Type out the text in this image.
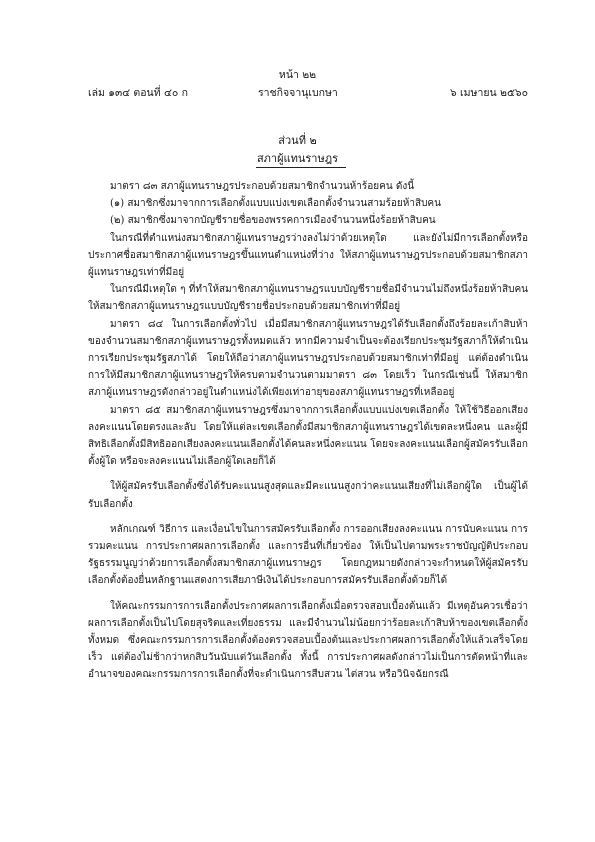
หน้า ๒๒
เล่ม ๑๓๔ ตอนที่ ๔๐ ก	ราชกิจจานุเบกษา	๖ เมษายน ๒๕๖๐
ส่วนที่ ๒
สภาผู้แทนราษฎร

มาตรา ๘๓ สภาผู้แทนราษฎรประกอบด้วยสมาชิกจำนวนห้าร้อยคน ดังนี้

(๑) สมาชิกซึ่งมาจากการเลือกตั้งแบบแบ่งเขตเลือกตั้งจำนวนสามร้อยห้าสิบคน

(๒) สมาชิกซึ่งมาจากบัญชีรายชื่อของพรรคการเมืองจำนวนหนึ่งร้อยห้าสิบคน

ในกรณีที่ตำแหน่งสมาชิกสภาผู้แทนราษฎรว่างลงไม่ว่าด้วยเหตุใด และยังไม่มีการเลือกตั้งหรือประกาศชื่อสมาชิกสภาผู้แทนราษฎรขึ้นแทนตำแหน่งที่ว่าง ให้สภาผู้แทนราษฎรประกอบด้วยสมาชิกสภาผู้แทนราษฎรเท่าที่มีอยู่

ในกรณีมีเหตุใด ๆ ที่ทำให้สมาชิกสภาผู้แทนราษฎรแบบบัญชีรายชื่อมีจำนวนไม่ถึงหนึ่งร้อยห้าสิบคน ให้สมาชิกสภาผู้แทนราษฎรแบบบัญชีรายชื่อประกอบด้วยสมาชิกเท่าที่มีอยู่

มาตรา ๘๔ ในการเลือกตั้งทั่วไป เมื่อมีสมาชิกสภาผู้แทนราษฎรได้รับเลือกตั้งถึงร้อยละเก้าสิบห้าของจำนวนสมาชิกสภาผู้แทนราษฎรทั้งหมดแล้ว หากมีความจำเป็นจะต้องเรียกประชุมรัฐสภาก็ให้ดำเนินการเรียกประชุมรัฐสภาได้ โดยให้ถือว่าสภาผู้แทนราษฎรประกอบด้วยสมาชิกเท่าที่มีอยู่ แต่ต้องดำเนินการให้มีสมาชิกสภาผู้แทนราษฎรให้ครบตามจำนวนตามมาตรา ๘๓ โดยเร็ว ในกรณีเช่นนี้ ให้สมาชิกสภาผู้แทนราษฎรดังกล่าวอยู่ในตำแหน่งได้เพียงเท่าอายุของสภาผู้แทนราษฎรที่เหลืออยู่

มาตรา ๘๕ สมาชิกสภาผู้แทนราษฎรซึ่งมาจากการเลือกตั้งแบบแบ่งเขตเลือกตั้ง ให้ใช้วิธีออกเสียงลงคะแนนโดยตรงและลับ โดยให้แต่ละเขตเลือกตั้งมีสมาชิกสภาผู้แทนราษฎรได้เขตละหนึ่งคน และผู้มีสิทธิเลือกตั้งมีสิทธิออกเสียงลงคะแนนเลือกตั้งได้คนละหนึ่งคะแนน โดยจะลงคะแนนเลือกผู้สมัครรับเลือกตั้งผู้ใด หรือจะลงคะแนนไม่เลือกผู้ใดเลยก็ได้

ให้ผู้สมัครรับเลือกตั้งซึ่งได้รับคะแนนสูงสุดและมีคะแนนสูงกว่าคะแนนเสียงที่ไม่เลือกผู้ใด เป็นผู้ได้รับเลือกตั้ง

หลักเกณฑ์ วิธีการ และเงื่อนไขในการสมัครรับเลือกตั้ง การออกเสียงลงคะแนน การนับคะแนน การรวมคะแนน การประกาศผลการเลือกตั้ง และการอื่นที่เกี่ยวข้อง ให้เป็นไปตามพระราชบัญญัติประกอบรัฐธรรมนูญว่าด้วยการเลือกตั้งสมาชิกสภาผู้แทนราษฎร โดยกฎหมายดังกล่าวจะกำหนดให้ผู้สมัครรับเลือกตั้งต้องยื่นหลักฐานแสดงการเสียภาษีเงินได้ประกอบการสมัครรับเลือกตั้งด้วยก็ได้

ให้คณะกรรมการการเลือกตั้งประกาศผลการเลือกตั้งเมื่อตรวจสอบเบื้องต้นแล้ว มีเหตุอันควรเชื่อว่าผลการเลือกตั้งเป็นไปโดยสุจริตและเที่ยงธรรม และมีจำนวนไม่น้อยกว่าร้อยละเก้าสิบห้าของเขตเลือกตั้งทั้งหมด ซึ่งคณะกรรมการการเลือกตั้งต้องตรวจสอบเบื้องต้นและประกาศผลการเลือกตั้งให้แล้วเสร็จโดยเร็ว แต่ต้องไม่ช้ากว่าหกสิบวันนับแต่วันเลือกตั้ง ทั้งนี้ การประกาศผลดังกล่าวไม่เป็นการตัดหน้าที่และอำนาจของคณะกรรมการการเลือกตั้งที่จะดำเนินการสืบสวน ไต่สวน หรือวินิจฉัยกรณี
